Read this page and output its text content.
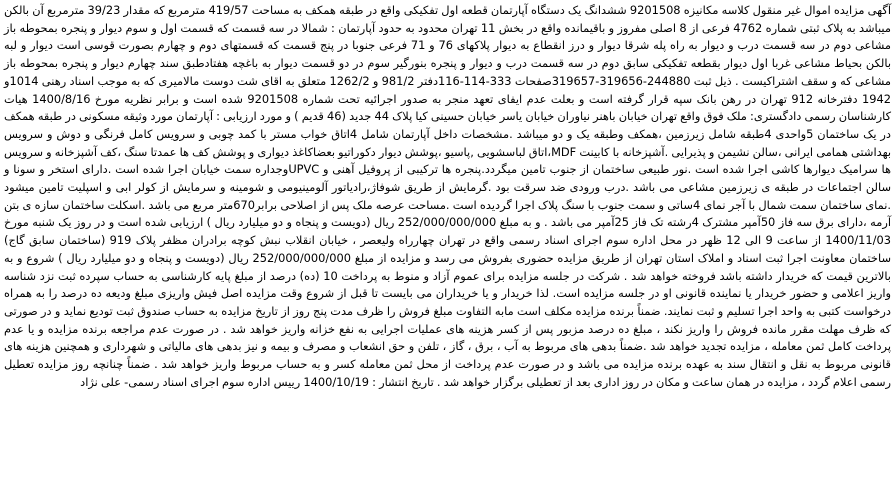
آگهی مزایده اموال غیر منقول کلاسه مکانیزه 9201508 ششدانگ یک دستگاه آپارتمان قطعه اول تفکیکی واقع در طبقه همکف به مساحت 419/57 مترمربع که مقدار 39/23 مترمربع آن بالکن میباشد به پلاک ثبتی شماره 4762 فرعی از 8 اصلی مفروز و باقیمانده واقع در بخش 11 تهران محدود به حدود آپارتمان : شمالا در سه قسمت که قسمت اول و سوم دیوار و پنجره بمحوطه باز مشاعی دوم در سه قسمت درب و دیوار به راه پله شرقا دیوار و درز انقطاع به دیوار پلاکهای 76 و 71 فرعی جنوبا در پنج قسمت که قسمتهای دوم و چهارم بصورت قوسی است دیوار و لبه بالکن بحیاط مشاعی غربا اول دیوار بقطعه تفکیکی سابق دوم در سه قسمت درب و دیوار و پنجره بنورگیر سوم در دو قسمت دیوار به باغچه هفتادطبق سند چهارم دیوار و پنجره بمحوطه باز مشاعی که و سقف اشتراکیست . ذیل ثبت 244880-319656-319657صفحات 333-114-116دفتر 981/2 و 1262/2 متعلق به اقای شت دوست مالامیری که به موجب اسناد رهنی 1014و 1942 دفترخانه 912 تهران در رهن بانک سپه قرار گرفته است و بعلت عدم ایفای تعهد منجر به صدور اجرائیه تحت شماره 9201508 شده است و برابر نظریه مورخ 1400/8/16 هیات کارشناسان رسمی دادگستری: ملک فوق واقع تهران خیابان باهنر نیاوران خیابان یاسر خیابان حسینی کیا پلاک 44 جدید (46 قدیم ) و مورد ارزیابی : آپارتمان مورد وثیقه مسکونی در طبقه همکف در یک ساختمان 5واحدی 4طبقه شامل زیرزمین ،همکف وطبقه یک و دو میباشد .مشخصات داخل آپارتمان شامل 4اتاق خواب مستر با کمد چوبی و سرویس کامل فرنگی و دوش و سرویس بهداشتی همامی ایرانی ،سالن نشیمن و پذیرایی .آشپزخانه با کابینت MDF،اتاق لباسشویی ,پاسیو ،پوشش دیوار دکوراتیو بعضاکاغذ دیواری و پوشش کف ها عمدتا سنگ ،کف آشپزخانه و سرویس ها سرامیک دیوارها کاشی اجرا شده است .نور طبیعی ساختمان از جنوب تامین میگردد.پنجره ها ترکیبی از پروفیل آهنی و UPVCوجداره سمت خیابان اجرا شده است .دارای استخر و سونا و سالن اجتماعات در طبقه ی زیرزمین مشاعی می باشد .درب ورودی ضد سرقت بود .گرمایش از طریق شوفاژ،رادیاتور آلومینیومی و شومینه و سرمایش از کولر ابی و اسپلیت تامین میشود .نمای ساختمان سمت شمال با آجر نمای 4ساتی و سمت جنوب با سنگ پلاک اجرا گردیده است .مساحت عرصه ملک پس از اصلاحی برابر670متر مربع می باشد .اسکلت ساختمان سازه ی بتن آرمه ،دارای برق سه فاز 50آمپر مشترک 4رشته تک فاز 25آمپر می باشد . و به مبلغ 252/000/000/000 ریال (دویست و پنجاه و دو میلیارد ریال ) ارزیابی شده است و در روز یک شنبه مورخ 1400/11/03 از ساعت 9 الی 12 ظهر در محل اداره سوم اجرای اسناد رسمی واقع در تهران چهارراه ولیعصر ، خیابان انقلاب نبش کوچه برادران مظفر پلاک 919 (ساختمان سابق گاج) ساختمان معاونت اجرا ثبت اسناد و املاک استان تهران از طریق مزایده حضوری بفروش می رسد و مزایده از مبلغ 252/000/000/000 ریال (دویست و پنجاه و دو میلیارد ریال ) شروع و به بالاترین قیمت که خریدار داشته باشد فروخته خواهد شد . شرکت در جلسه مزایده برای عموم آزاد و منوط به پرداخت 10 (ده) درصد از مبلغ پایه کارشناسی به حساب سپرده ثبت نزد شناسه واریز اعلامی و حضور خریدار یا نماینده قانونی او در جلسه مزایده است. لذا خریدار و یا خریداران می بایست تا قبل از شروع وقت مزایده اصل فیش واریزی مبلغ ودیعه ده درصد را به همراه درخواست کتبی به واحد اجرا تسلیم و ثبت نمایند. ضمناً برنده مزایده مکلف است مابه التفاوت مبلغ فروش را ظرف مدت پنج روز از تاریخ مزایده به حساب صندوق ثبت تودیع نماید و در صورتی که ظرف مهلت مقرر مانده فروش را واریز نکند ، مبلغ ده درصد مزبور پس از کسر هزینه های عملیات اجرایی به نفع خزانه واریز خواهد شد . در صورت عدم مراجعه برنده مزایده و یا عدم پرداخت کامل ثمن معامله ، مزایده تجدید خواهد شد .ضمناً بدهی های مربوط به آب ، برق ، گاز ، تلفن و حق انشعاب و مصرف و بیمه و نیز بدهی های مالیاتی و شهرداری و همچنین هزینه های قانونی مربوط به نقل و انتقال سند به عهده برنده مزایده می باشد و در صورت عدم پرداخت از محل ثمن معامله کسر و به حساب مربوط واریز خواهد شد . ضمناً چنانچه روز مزایده تعطیل رسمی اعلام گردد ، مزایده در همان ساعت و مکان در روز اداری بعد از تعطیلی برگزار خواهد شد . تاریخ انتشار : 1400/10/19 رییس اداره سوم اجرای اسناد رسمی- علی نژاد
